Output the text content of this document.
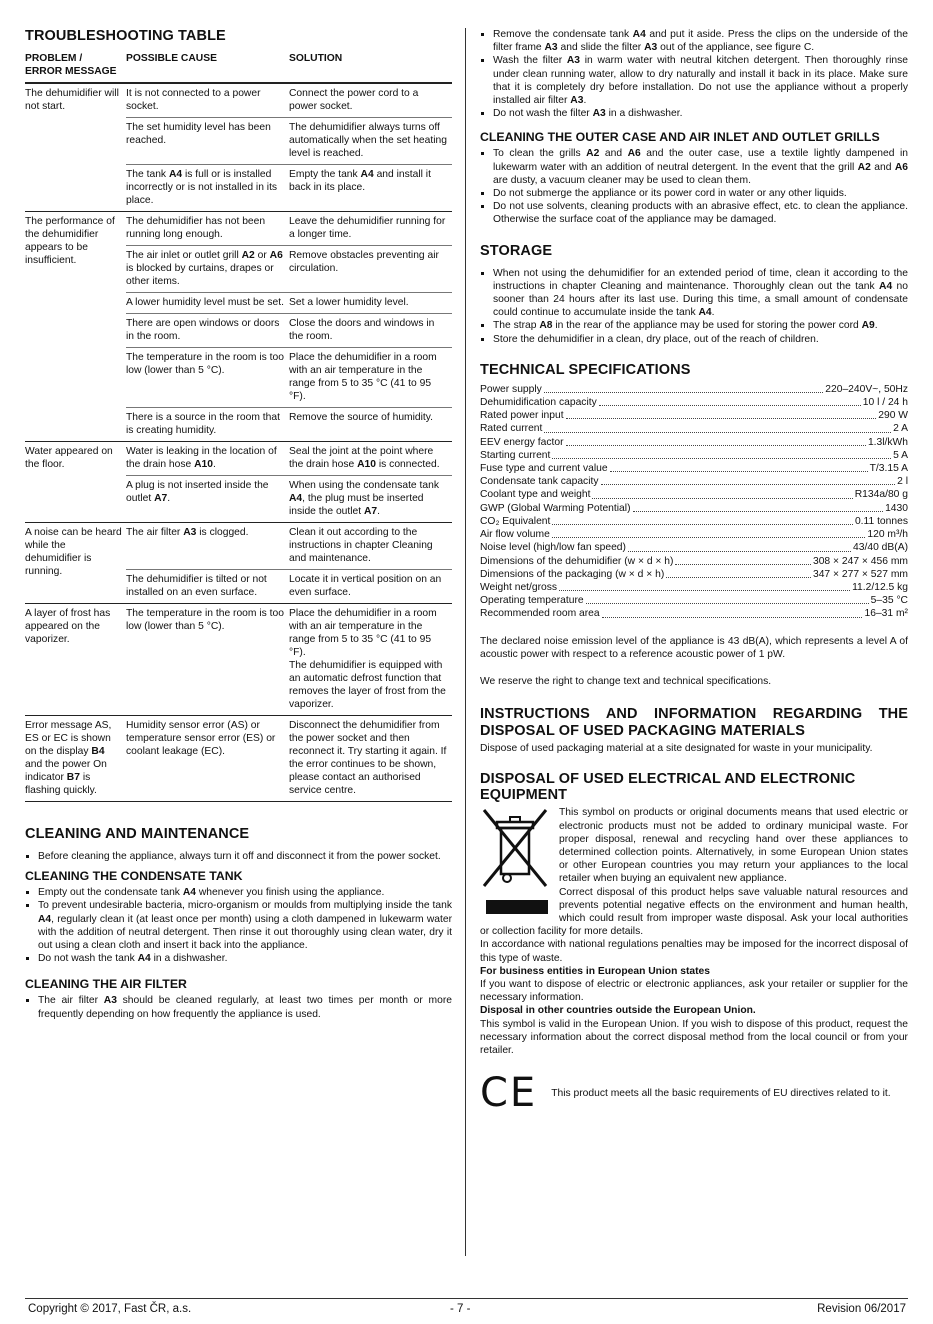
TROUBLESHOOTING TABLE
PROBLEM / ERROR MESSAGE	POSSIBLE CAUSE	SOLUTION
The dehumidifier will not start.	It is not connected to a power socket.	Connect the power cord to a power socket.
	The set humidity level has been reached.	The dehumidifier always turns off automatically when the set heating level is reached.
	The tank A4 is full or is installed incorrectly or is not installed in its place.	Empty the tank A4 and install it back in its place.
The performance of the dehumidifier appears to be insufficient.	The dehumidifier has not been running long enough.	Leave the dehumidifier running for a longer time.
	The air inlet or outlet grill A2 or A6 is blocked by curtains, drapes or other items.	Remove obstacles preventing air circulation.
	A lower humidity level must be set.	Set a lower humidity level.
	There are open windows or doors in the room.	Close the doors and windows in the room.
	The temperature in the room is too low (lower than 5 °C).	Place the dehumidifier in a room with an air temperature in the range from 5 to 35 °C (41 to 95 °F).
	There is a source in the room that is creating humidity.	Remove the source of humidity.
Water appeared on the floor.	Water is leaking in the location of the drain hose A10.	Seal the joint at the point where the drain hose A10 is connected.
	A plug is not inserted inside the outlet A7.	When using the condensate tank A4, the plug must be inserted inside the outlet A7.
A noise can be heard while the dehumidifier is running.	The air filter A3 is clogged.	Clean it out according to the instructions in chapter Cleaning and maintenance.
	The dehumidifier is tilted or not installed on an even surface.	Locate it in vertical position on an even surface.
A layer of frost has appeared on the vaporizer.	The temperature in the room is too low (lower than 5 °C).	Place the dehumidifier in a room with an air temperature in the range from 5 to 35 °C (41 to 95 °F).
The dehumidifier is equipped with an automatic defrost function that removes the layer of frost from the vaporizer.
Error message AS, ES or EC is shown on the display B4 and the power On indicator B7 is flashing quickly.	Humidity sensor error (AS) or temperature sensor error (ES) or coolant leakage (EC).	Disconnect the dehumidifier from the power socket and then reconnect it. Try starting it again. If the error continues to be shown, please contact an authorised service centre.
CLEANING AND MAINTENANCE
Before cleaning the appliance, always turn it off and disconnect it from the power socket.
CLEANING THE CONDENSATE TANK
Empty out the condensate tank A4 whenever you finish using the appliance.
To prevent undesirable bacteria, micro-organism or moulds from multiplying inside the tank A4, regularly clean it (at least once per month) using a cloth dampened in lukewarm water with the addition of neutral detergent. Then rinse it out thoroughly using clean water, dry it out using a clean cloth and insert it back into the appliance.
Do not wash the tank A4 in a dishwasher.
CLEANING THE AIR FILTER
The air filter A3 should be cleaned regularly, at least two times per month or more frequently depending on how frequently the appliance is used.
Remove the condensate tank A4 and put it aside. Press the clips on the underside of the filter frame A3 and slide the filter A3 out of the appliance, see figure C.
Wash the filter A3 in warm water with neutral kitchen detergent. Then thoroughly rinse under clean running water, allow to dry naturally and install it back in its place. Make sure that it is completely dry before installation. Do not use the appliance without a properly installed air filter A3.
Do not wash the filter A3 in a dishwasher.
CLEANING THE OUTER CASE AND AIR INLET AND OUTLET GRILLS
To clean the grills A2 and A6 and the outer case, use a textile lightly dampened in lukewarm water with an addition of neutral detergent. In the event that the grill A2 and A6 are dusty, a vacuum cleaner may be used to clean them.
Do not submerge the appliance or its power cord in water or any other liquids.
Do not use solvents, cleaning products with an abrasive effect, etc. to clean the appliance. Otherwise the surface coat of the appliance may be damaged.
STORAGE
When not using the dehumidifier for an extended period of time, clean it according to the instructions in chapter Cleaning and maintenance. Thoroughly clean out the tank A4 no sooner than 24 hours after its last use. During this time, a small amount of condensate could continue to accumulate inside the tank A4.
The strap A8 in the rear of the appliance may be used for storing the power cord A9.
Store the dehumidifier in a clean, dry place, out of the reach of children.
TECHNICAL SPECIFICATIONS
Power supply	220–240V~, 50Hz
Dehumidification capacity	10 l / 24 h
Rated power input	290 W
Rated current	2 A
EEV energy factor	1.3l/kWh
Starting current	5 A
Fuse type and current value	T/3.15 A
Condensate tank capacity	2 l
Coolant type and weight	R134a/80 g
GWP (Global Warming Potential)	1430
CO₂ Equivalent	0.11 tonnes
Air flow volume	120 m³/h
Noise level (high/low fan speed)	43/40 dB(A)
Dimensions of the dehumidifier (w × d × h)	308 × 247 × 456 mm
Dimensions of the packaging (w × d × h)	347 × 277 × 527 mm
Weight net/gross	11.2/12.5 kg
Operating temperature	5–35 °C
Recommended room area	16–31 m²

The declared noise emission level of the appliance is 43 dB(A), which represents a level A of acoustic power with respect to a reference acoustic power of 1 pW.

We reserve the right to change text and technical specifications.

INSTRUCTIONS AND INFORMATION REGARDING THE DISPOSAL OF USED PACKAGING MATERIALS

Dispose of used packaging material at a site designated for waste in your municipality.

DISPOSAL OF USED ELECTRICAL AND ELECTRONIC EQUIPMENT

This symbol on products or original documents means that used electric or electronic products must not be added to ordinary municipal waste. For proper disposal, renewal and recycling hand over these appliances to determined collection points. Alternatively, in some European Union states or other European countries you may return your appliances to the local retailer when buying an equivalent new appliance.

Correct disposal of this product helps save valuable natural resources and prevents potential negative effects on the environment and human health, which could result from improper waste disposal. Ask your local authorities or collection facility for more details.

In accordance with national regulations penalties may be imposed for the incorrect disposal of this type of waste.

For business entities in European Union states

If you want to dispose of electric or electronic appliances, ask your retailer or supplier for the necessary information.

Disposal in other countries outside the European Union.

This symbol is valid in the European Union. If you wish to dispose of this product, request the necessary information about the correct disposal method from the local council or from your retailer.

CE This product meets all the basic requirements of EU directives related to it.
Copyright © 2017, Fast ČR, a.s.	- 7 -	Revision 06/2017
